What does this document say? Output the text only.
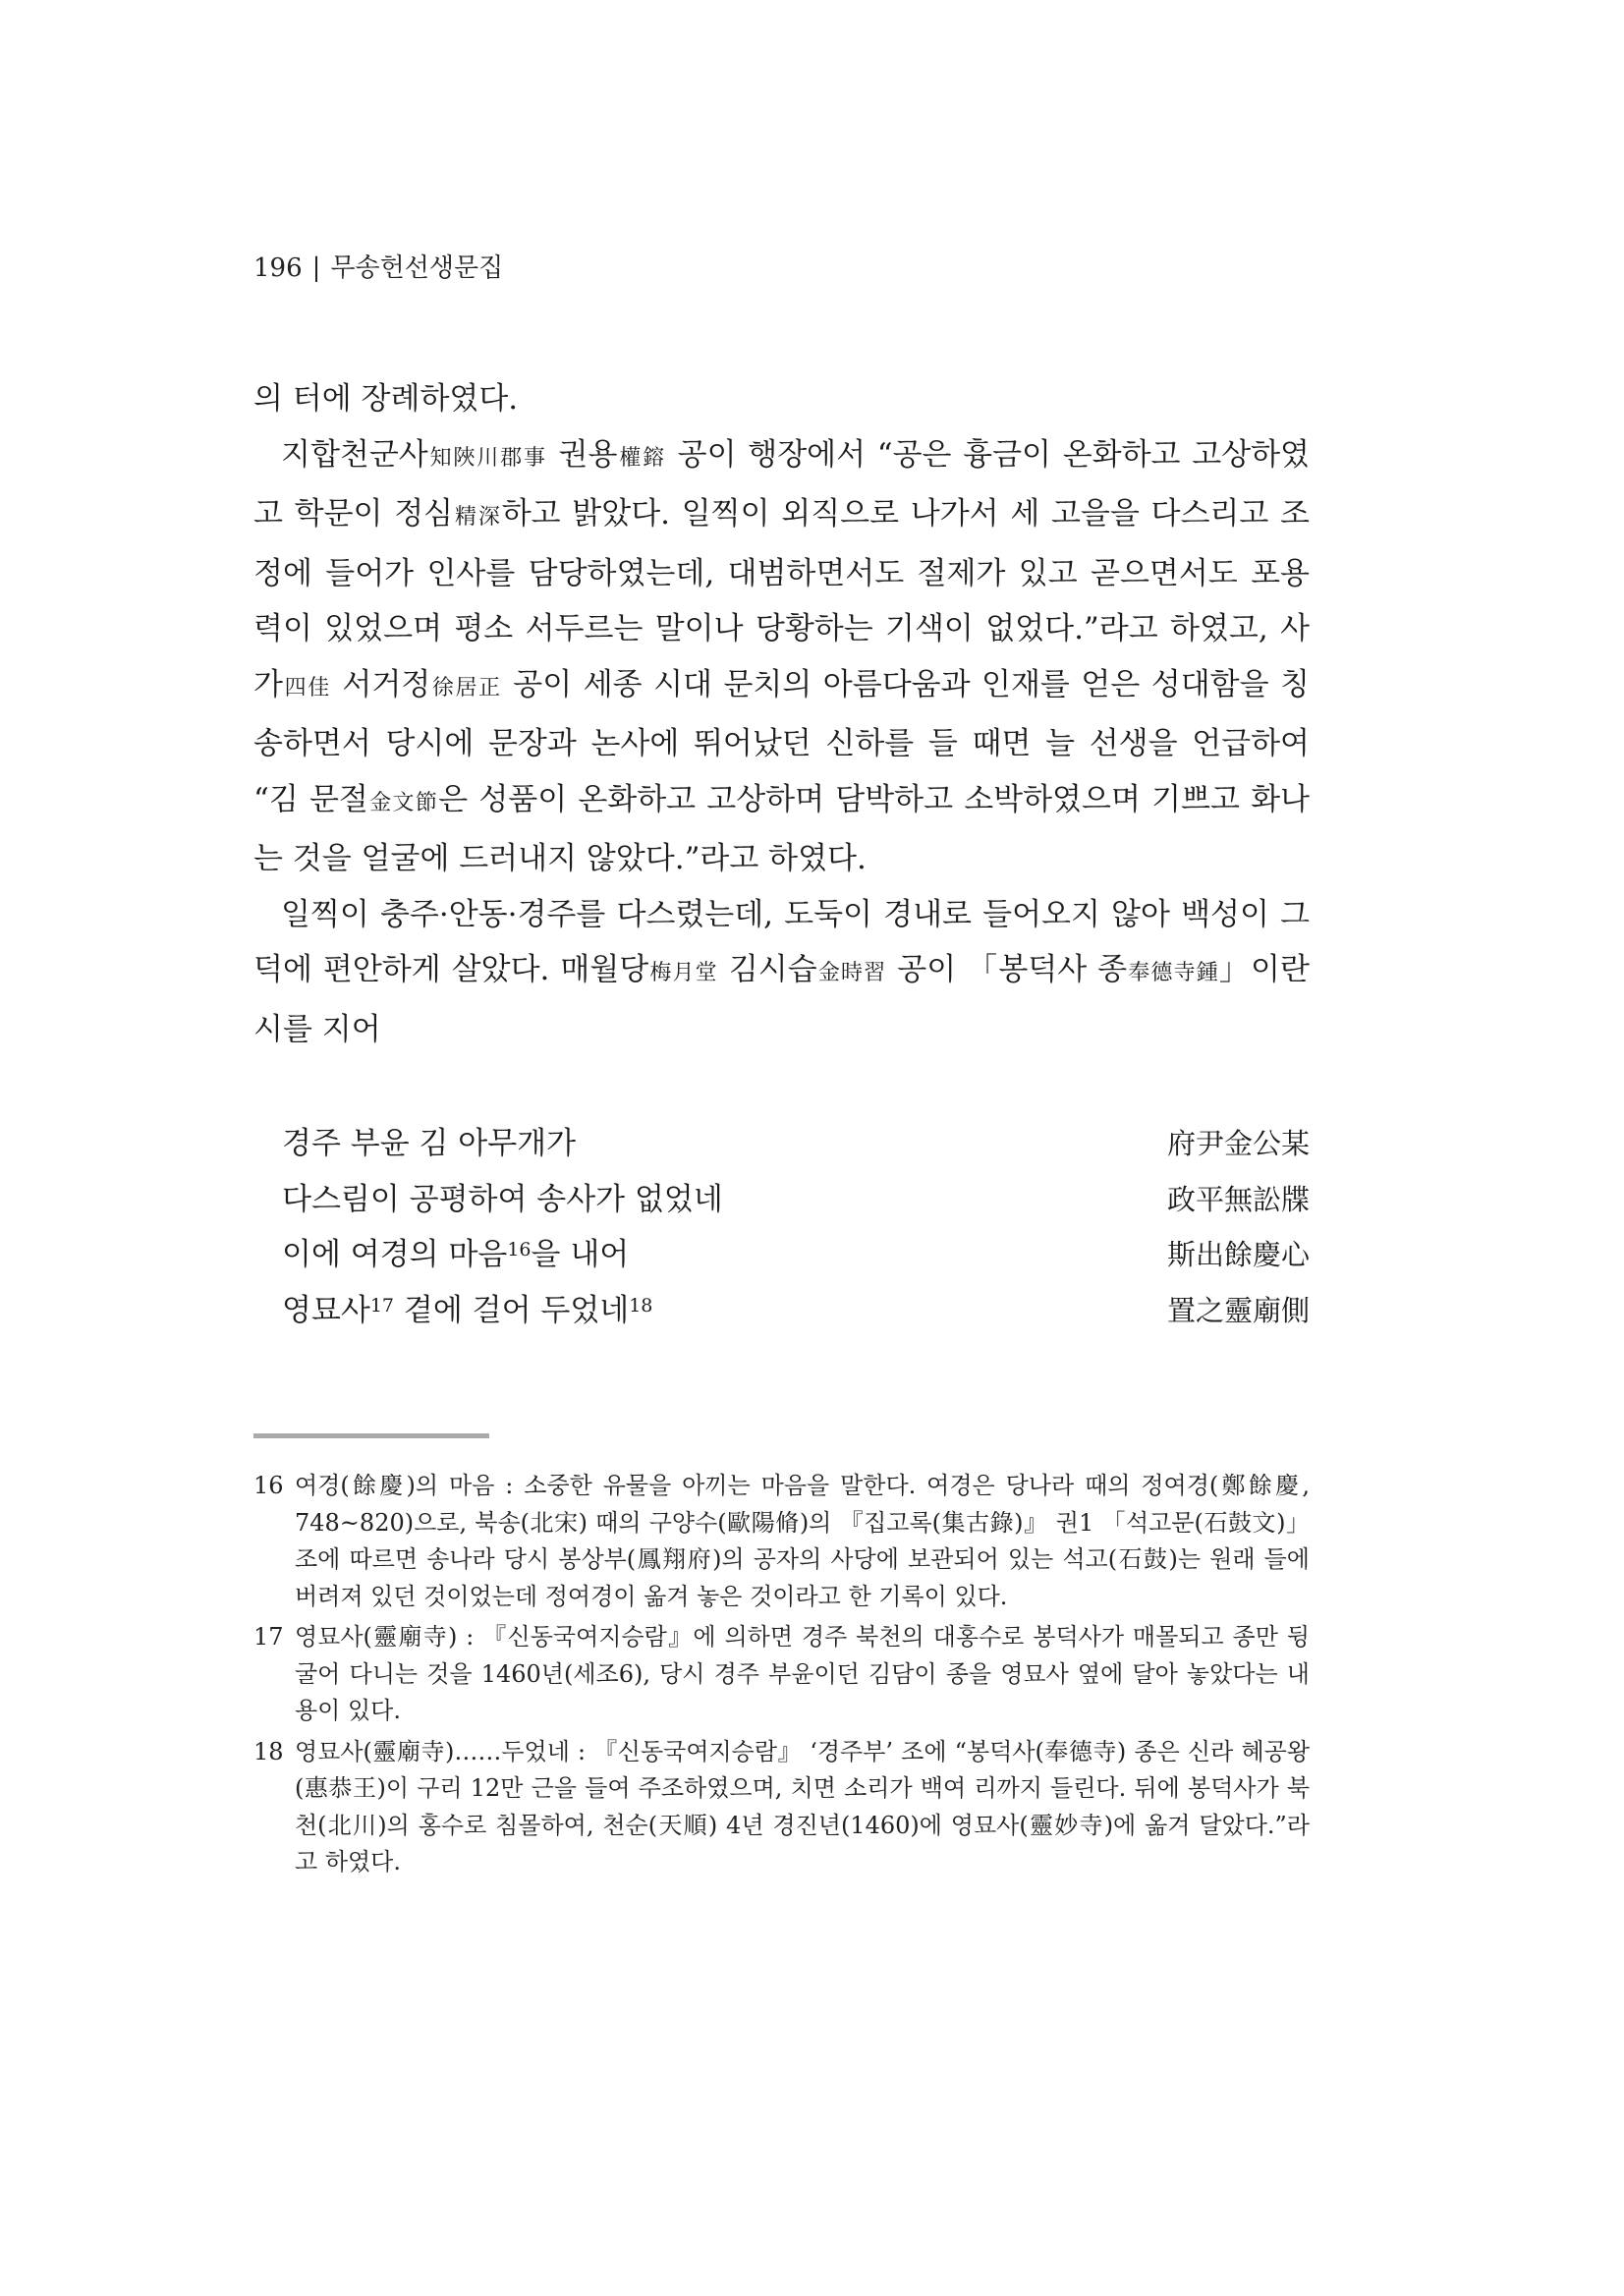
196 | 무송헌선생문집

의 터에 장례하였다.

지합천군사知陜川郡事 권용權鎔 공이 행장에서 “공은 흉금이 온화하고 고상하였고 학문이 정심精深하고 밝았다. 일찍이 외직으로 나가서 세 고을을 다스리고 조정에 들어가 인사를 담당하였는데, 대범하면서도 절제가 있고 곧으면서도 포용력이 있었으며 평소 서두르는 말이나 당황하는 기색이 없었다.”라고 하였고, 사가四佳 서거정徐居正 공이 세종 시대 문치의 아름다움과 인재를 얻은 성대함을 칭송하면서 당시에 문장과 논사에 뛰어났던 신하를 들 때면 늘 선생을 언급하여 “김 문절金文節은 성품이 온화하고 고상하며 담박하고 소박하였으며 기쁘고 화나는 것을 얼굴에 드러내지 않았다.”라고 하였다.

일찍이 충주·안동·경주를 다스렸는데, 도둑이 경내로 들어오지 않아 백성이 그 덕에 편안하게 살았다. 매월당梅月堂 김시습金時習 공이 「봉덕사 종奉德寺鍾」이란 시를 지어

경주 부윤 김 아무개가	府尹金公某
다스림이 공평하여 송사가 없었네	政平無訟牒
이에 여경의 마음$^{16}$을 내어	斯出餘慶心
영묘사$^{17}$ 곁에 걸어 두었네$^{18}$	置之靈廟側
16 여경(餘慶)의 마음 : 소중한 유물을 아끼는 마음을 말한다. 여경은 당나라 때의 정여경(鄭餘慶, 748~820)으로, 북송(北宋) 때의 구양수(歐陽脩)의 『집고록(集古錄)』 권1 「석고문(石鼓文)」 조에 따르면 송나라 당시 봉상부(鳳翔府)의 공자의 사당에 보관되어 있는 석고(石鼓)는 원래 들에 버려져 있던 것이었는데 정여경이 옮겨 놓은 것이라고 한 기록이 있다.
17 영묘사(靈廟寺) : 『신동국여지승람』에 의하면 경주 북천의 대홍수로 봉덕사가 매몰되고 종만 뒹굴어 다니는 것을 1460년(세조6), 당시 경주 부윤이던 김담이 종을 영묘사 옆에 달아 놓았다는 내용이 있다.
18 영묘사(靈廟寺)……두었네 : 『신동국여지승람』 ‘경주부’ 조에 “봉덕사(奉德寺) 종은 신라 혜공왕(惠恭王)이 구리 12만 근을 들여 주조하였으며, 치면 소리가 백여 리까지 들린다. 뒤에 봉덕사가 북천(北川)의 홍수로 침몰하여, 천순(天順) 4년 경진년(1460)에 영묘사(靈妙寺)에 옮겨 달았다.”라고 하였다.
